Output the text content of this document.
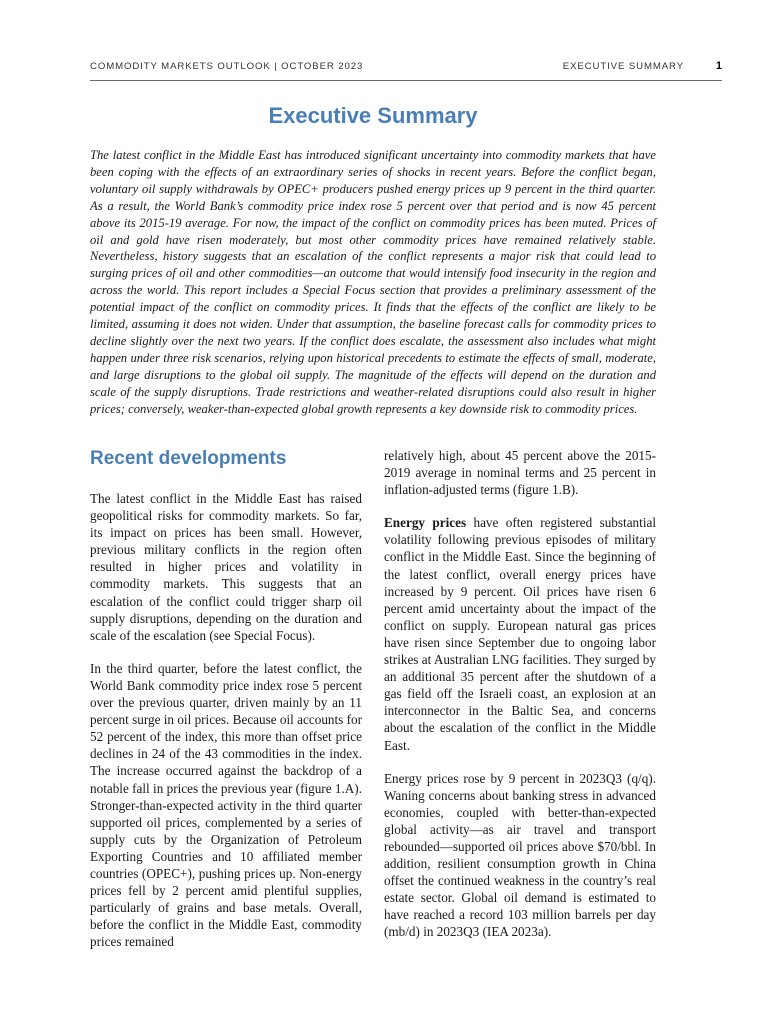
COMMODITY MARKETS OUTLOOK | OCTOBER 2023	EXECUTIVE SUMMARY	1
Executive Summary

The latest conflict in the Middle East has introduced significant uncertainty into commodity markets that have been coping with the effects of an extraordinary series of shocks in recent years. Before the conflict began, voluntary oil supply withdrawals by OPEC+ producers pushed energy prices up 9 percent in the third quarter. As a result, the World Bank’s commodity price index rose 5 percent over that period and is now 45 percent above its 2015-19 average. For now, the impact of the conflict on commodity prices has been muted. Prices of oil and gold have risen moderately, but most other commodity prices have remained relatively stable. Nevertheless, history suggests that an escalation of the conflict represents a major risk that could lead to surging prices of oil and other commodities—an outcome that would intensify food insecurity in the region and across the world. This report includes a Special Focus section that provides a preliminary assessment of the potential impact of the conflict on commodity prices. It finds that the effects of the conflict are likely to be limited, assuming it does not widen. Under that assumption, the baseline forecast calls for commodity prices to decline slightly over the next two years. If the conflict does escalate, the assessment also includes what might happen under three risk scenarios, relying upon historical precedents to estimate the effects of small, moderate, and large disruptions to the global oil supply. The magnitude of the effects will depend on the duration and scale of the supply disruptions. Trade restrictions and weather-related disruptions could also result in higher prices; conversely, weaker-than-expected global growth represents a key downside risk to commodity prices.

Recent developments

The latest conflict in the Middle East has raised geopolitical risks for commodity markets. So far, its impact on prices has been small. However, previous military conflicts in the region often resulted in higher prices and volatility in commodity markets. This suggests that an escalation of the conflict could trigger sharp oil supply disruptions, depending on the duration and scale of the escalation (see Special Focus).

In the third quarter, before the latest conflict, the World Bank commodity price index rose 5 percent over the previous quarter, driven mainly by an 11 percent surge in oil prices. Because oil accounts for 52 percent of the index, this more than offset price declines in 24 of the 43 commodities in the index. The increase occurred against the backdrop of a notable fall in prices the previous year (figure 1.A). Stronger-than-expected activity in the third quarter supported oil prices, complemented by a series of supply cuts by the Organization of Petroleum Exporting Countries and 10 affiliated member countries (OPEC+), pushing prices up. Non-energy prices fell by 2 percent amid plentiful supplies, particularly of grains and base metals. Overall, before the conflict in the Middle East, commodity prices remained

relatively high, about 45 percent above the 2015-2019 average in nominal terms and 25 percent in inflation-adjusted terms (figure 1.B).

Energy prices have often registered substantial volatility following previous episodes of military conflict in the Middle East. Since the beginning of the latest conflict, overall energy prices have increased by 9 percent. Oil prices have risen 6 percent amid uncertainty about the impact of the conflict on supply. European natural gas prices have risen since September due to ongoing labor strikes at Australian LNG facilities. They surged by an additional 35 percent after the shutdown of a gas field off the Israeli coast, an explosion at an interconnector in the Baltic Sea, and concerns about the escalation of the conflict in the Middle East.

Energy prices rose by 9 percent in 2023Q3 (q/q). Waning concerns about banking stress in advanced economies, coupled with better-than-expected global activity—as air travel and transport rebounded—supported oil prices above $70/bbl. In addition, resilient consumption growth in China offset the continued weakness in the country’s real estate sector. Global oil demand is estimated to have reached a record 103 million barrels per day (mb/d) in 2023Q3 (IEA 2023a).
